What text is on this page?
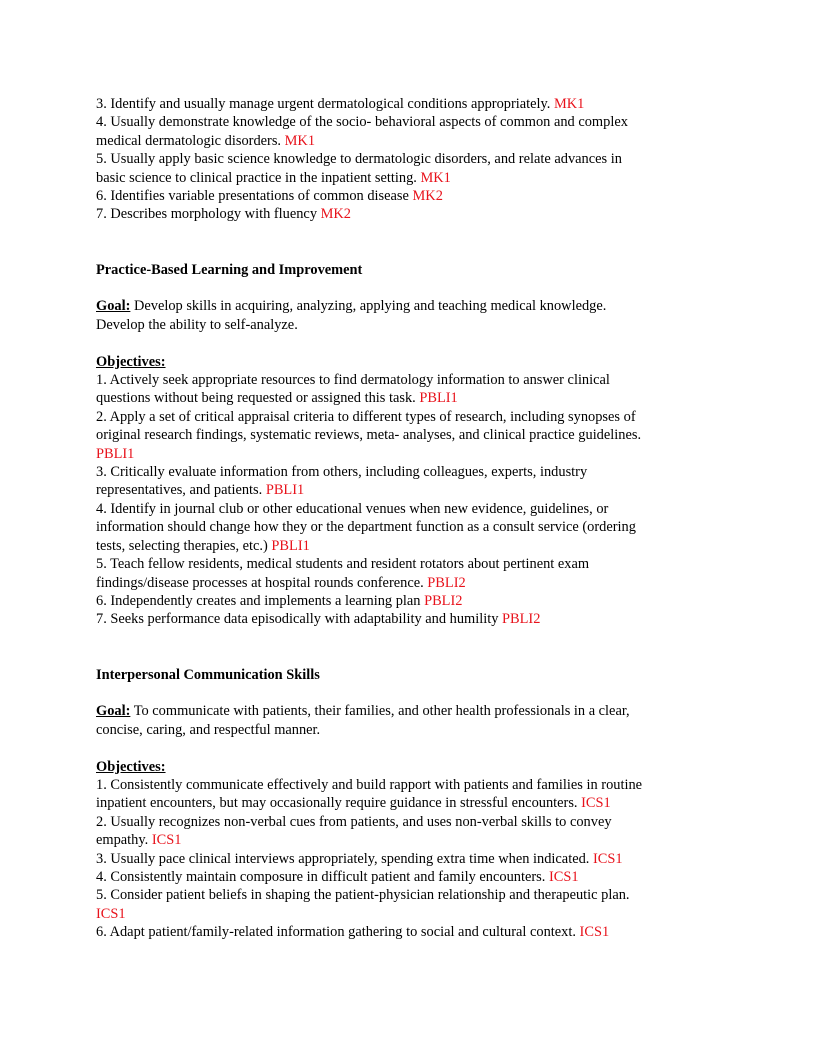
3. Identify and usually manage urgent dermatological conditions appropriately. MK1
4. Usually demonstrate knowledge of the socio- behavioral aspects of common and complex
medical dermatologic disorders. MK1
5. Usually apply basic science knowledge to dermatologic disorders, and relate advances in
basic science to clinical practice in the inpatient setting. MK1
6. Identifies variable presentations of common disease MK2
7. Describes morphology with fluency MK2
Practice-Based Learning and Improvement
Goal: Develop skills in acquiring, analyzing, applying and teaching medical knowledge.
Develop the ability to self-analyze.
Objectives:
1. Actively seek appropriate resources to find dermatology information to answer clinical
questions without being requested or assigned this task. PBLI1
2. Apply a set of critical appraisal criteria to different types of research, including synopses of
original research findings, systematic reviews, meta- analyses, and clinical practice guidelines.
PBLI1
3. Critically evaluate information from others, including colleagues, experts, industry
representatives, and patients. PBLI1
4. Identify in journal club or other educational venues when new evidence, guidelines, or
information should change how they or the department function as a consult service (ordering
tests, selecting therapies, etc.) PBLI1
5. Teach fellow residents, medical students and resident rotators about pertinent exam
findings/disease processes at hospital rounds conference. PBLI2
6. Independently creates and implements a learning plan PBLI2
7. Seeks performance data episodically with adaptability and humility PBLI2
Interpersonal Communication Skills
Goal: To communicate with patients, their families, and other health professionals in a clear,
concise, caring, and respectful manner.
Objectives:
1. Consistently communicate effectively and build rapport with patients and families in routine
inpatient encounters, but may occasionally require guidance in stressful encounters. ICS1
2. Usually recognizes non-verbal cues from patients, and uses non-verbal skills to convey
empathy. ICS1
3. Usually pace clinical interviews appropriately, spending extra time when indicated. ICS1
4. Consistently maintain composure in difficult patient and family encounters. ICS1
5. Consider patient beliefs in shaping the patient-physician relationship and therapeutic plan.
ICS1
6. Adapt patient/family-related information gathering to social and cultural context. ICS1
